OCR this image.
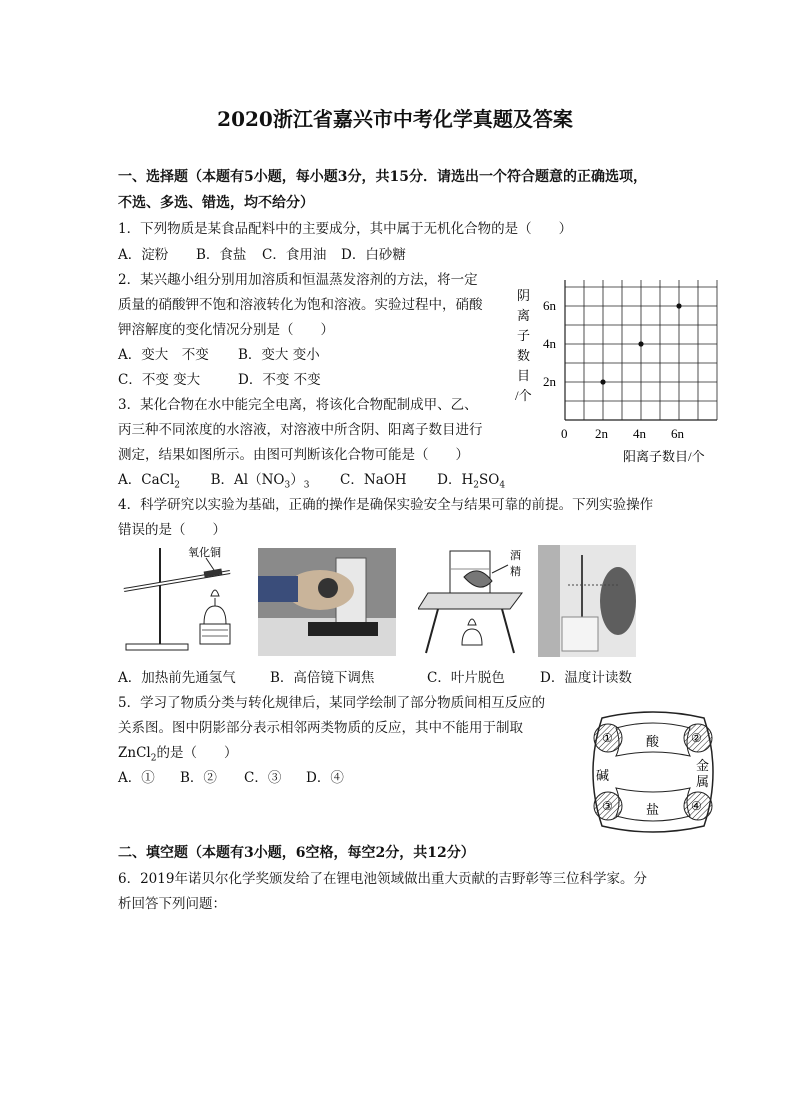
2020浙江省嘉兴市中考化学真题及答案
一、选择题（本题有5小题，每小题3分，共15分．请选出一个符合题意的正确选项，
不选、多选、错选，均不给分）
1．下列物质是某食品配料中的主要成分，其中属于无机化合物的是（　　）
A．淀粉 B．食盐 C．食用油 D．白砂糖
2．某兴趣小组分别用加溶质和恒温蒸发溶剂的方法，将一定
质量的硝酸钾不饱和溶液转化为饱和溶液。实验过程中，硝酸
钾溶解度的变化情况分别是（　　）
A．变大　不变 B．变大 变小
C．不变 变大	D．不变 不变
3．某化合物在水中能完全电离，将该化合物配制成甲、乙、
丙三种不同浓度的水溶液，对溶液中所含阴、阳离子数目进行
测定，结果如图所示。由图可判断该化合物可能是（　　）
A．CaCl$_2$ B．$Al(NO_3)_3$ C．NaOH D．$H_2SO_4$
阴
离
子
数
目
/个
0 2n 4n 6n
2n
4n
6n
阳离子数目/个
4．科学研究以实验为基础，正确的操作是确保实验安全与结果可靠的前提。下列实验操作
错误的是（　　）
氧化铜	酒
精
A．加热前先通氢气	B．高倍镜下调焦	C．叶片脱色	D．温度计读数
5．学习了物质分类与转化规律后，某同学绘制了部分物质间相互反应的
关系图。图中阴影部分表示相邻两类物质的反应，其中不能用于制取
ZnCl$_2$的是（　　）
A．① B．② C．③ D．④
酸
盐
碱
金
属
①	②
③	④
二、填空题（本题有3小题，6空格，每空2分，共12分）
6．2019年诺贝尔化学奖颁发给了在锂电池领域做出重大贡献的吉野彰等三位科学家。分
析回答下列问题：
